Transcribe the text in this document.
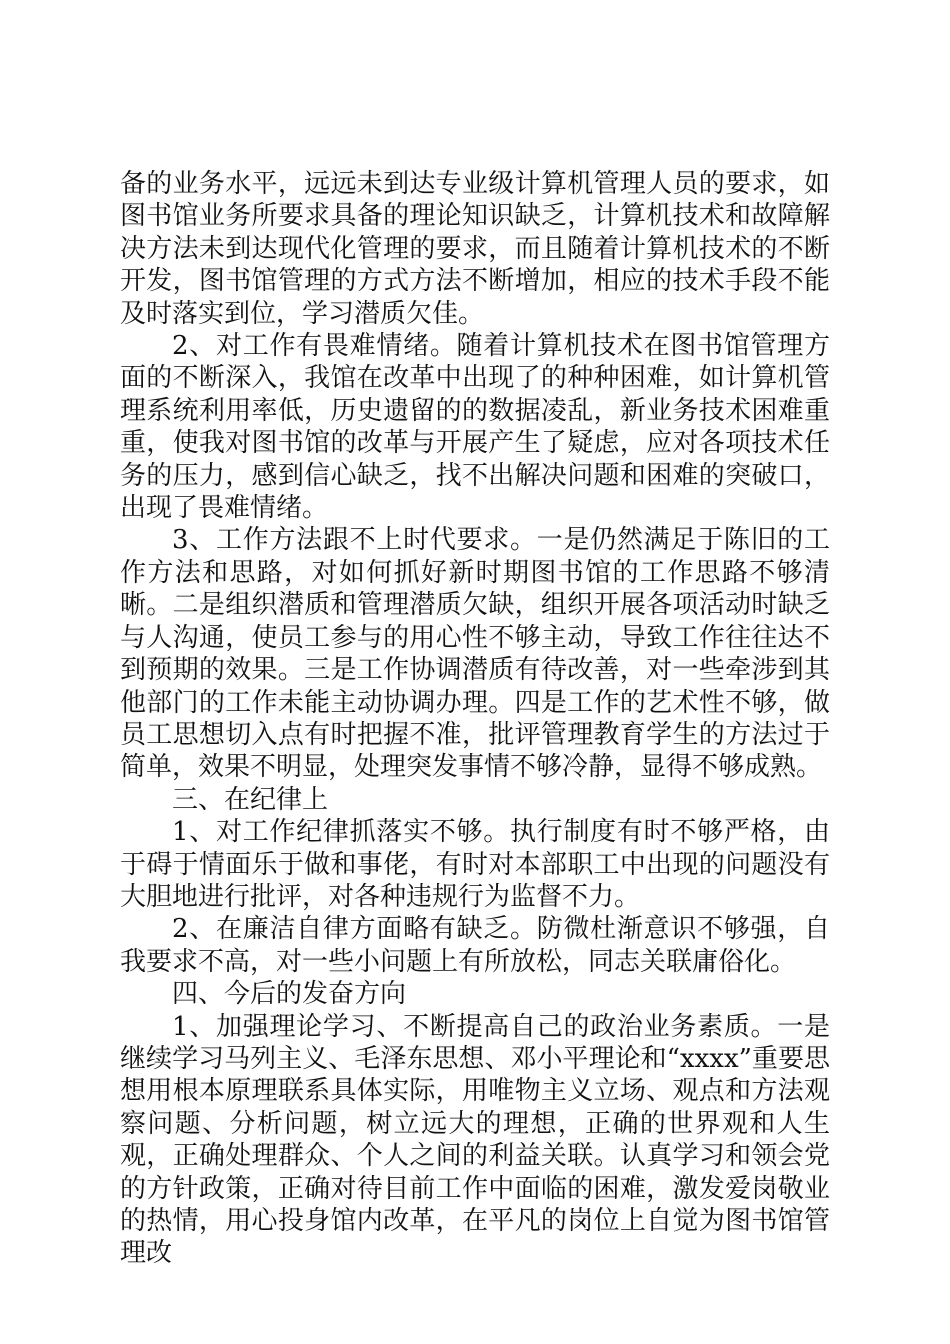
备的业务水平，远远未到达专业级计算机管理人员的要求，如图书馆业务所要求具备的理论知识缺乏，计算机技术和故障解决方法未到达现代化管理的要求，而且随着计算机技术的不断开发，图书馆管理的方式方法不断增加，相应的技术手段不能及时落实到位，学习潜质欠佳。

2、对工作有畏难情绪。随着计算机技术在图书馆管理方面的不断深入，我馆在改革中出现了的种种困难，如计算机管理系统利用率低，历史遗留的的数据凌乱，新业务技术困难重重，使我对图书馆的改革与开展产生了疑虑，应对各项技术任务的压力，感到信心缺乏，找不出解决问题和困难的突破口，出现了畏难情绪。

3、工作方法跟不上时代要求。一是仍然满足于陈旧的工作方法和思路，对如何抓好新时期图书馆的工作思路不够清晰。二是组织潜质和管理潜质欠缺，组织开展各项活动时缺乏与人沟通，使员工参与的用心性不够主动，导致工作往往达不到预期的效果。三是工作协调潜质有待改善，对一些牵涉到其他部门的工作未能主动协调办理。四是工作的艺术性不够，做员工思想切入点有时把握不准，批评管理教育学生的方法过于简单，效果不明显，处理突发事情不够冷静，显得不够成熟。

三、在纪律上

1、对工作纪律抓落实不够。执行制度有时不够严格，由于碍于情面乐于做和事佬，有时对本部职工中出现的问题没有大胆地进行批评，对各种违规行为监督不力。

2、在廉洁自律方面略有缺乏。防微杜渐意识不够强，自我要求不高，对一些小问题上有所放松，同志关联庸俗化。

四、今后的发奋方向

1、加强理论学习、不断提高自己的政治业务素质。一是继续学习马列主义、毛泽东思想、邓小平理论和“xxxx”重要思想用根本原理联系具体实际，用唯物主义立场、观点和方法观察问题、分析问题，树立远大的理想，正确的世界观和人生观，正确处理群众、个人之间的利益关联。认真学习和领会党的方针政策，正确对待目前工作中面临的困难，激发爱岗敬业的热情，用心投身馆内改革，在平凡的岗位上自觉为图书馆管理改
